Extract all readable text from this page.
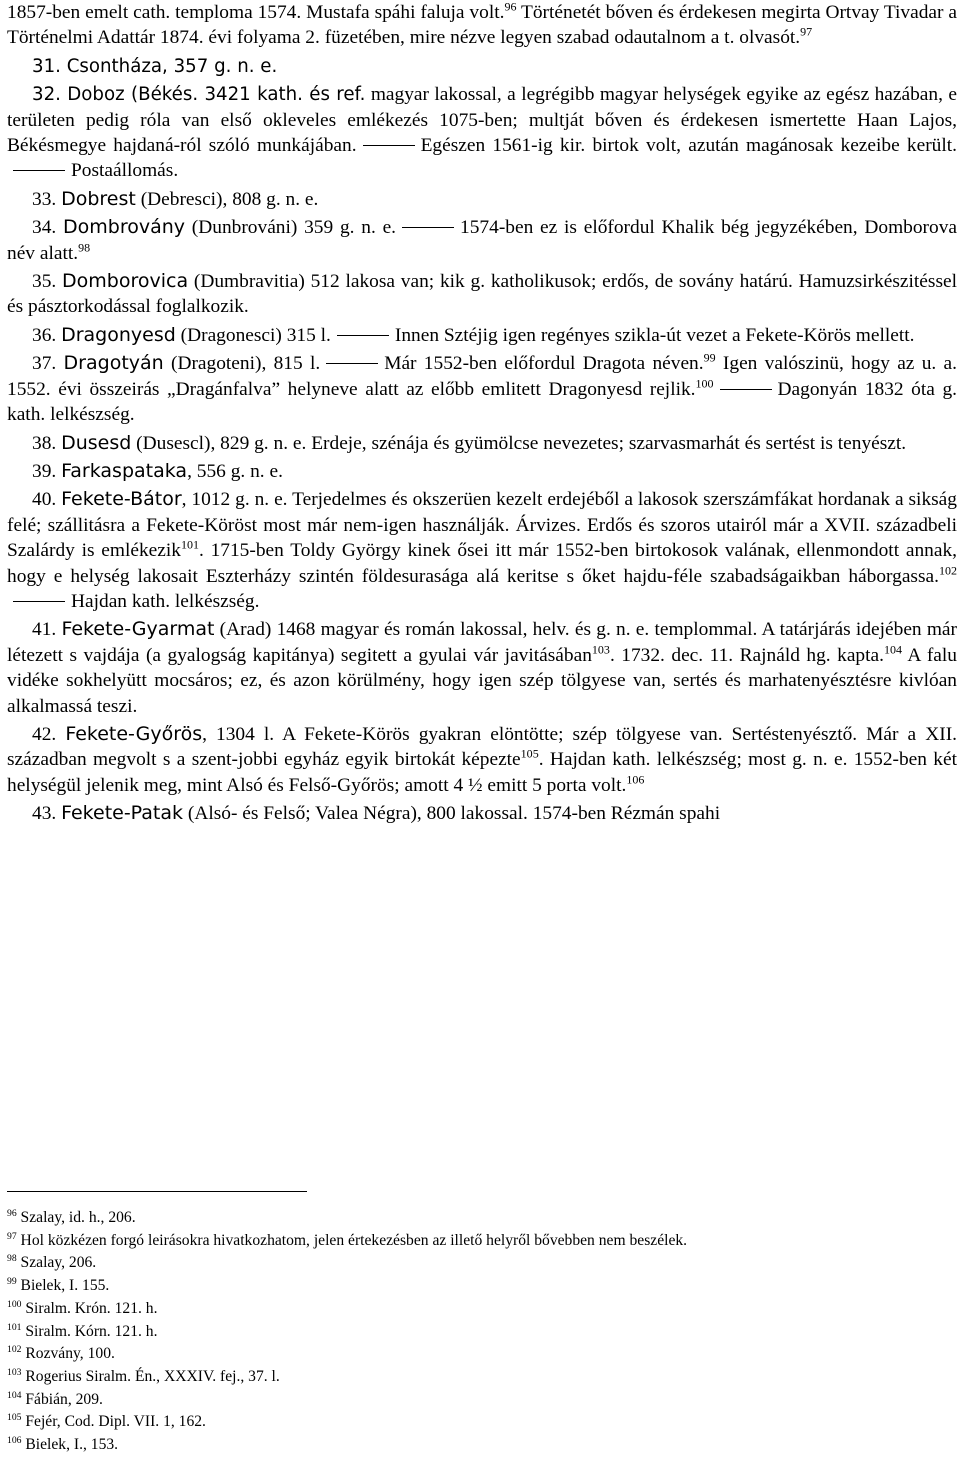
1857-ben emelt cath. temploma 1574. Mustafa spáhi faluja volt.$^{96}$ Történetét bőven és érdekesen megirta Ortvay Tivadar a Történelmi Adattár 1874. évi folyama 2. füzetében, mire nézve legyen szabad odautalnom a t. olvasót.$^{97}$

31. Csontháza, 357 g. n. e.

32. Doboz (Békés. 3421 kath. és ref. magyar lakossal, a legrégibb magyar helységek egyike az egész hazában, e területen pedig róla van első okleveles emlékezés 1075-ben; multját bőven és érdekesen ismertette Haan Lajos, Békésmegye hajdaná-ról szóló munkájában.	Egészen 1561-ig kir. birtok volt, azután magánosak kezeibe került.Postaállomás.

33. Dobrest (Debresci), 808 g. n. e.

34. Dombrovány (Dunbrováni) 359 g. n. e.	1574-ben ez is előfordul Khalik bég jegyzékében, Domborova név alatt.$^{98}$

35. Domborovica (Dumbravitia) 512 lakosa van; kik g. katholikusok; erdős, de sovány határú. Hamuzsirkészitéssel és pásztorkodással foglalkozik.

36. Dragonyesd (Dragonesci) 315 l.	Innen Sztéjig igen regényes szikla-út vezet a Fekete-Körös mellett.

37. Dragotyán (Dragoteni), 815 l.	Már 1552-ben előfordul Dragota néven.$^{99}$ Igen valószinü, hogy az u. a. 1552. évi összeirás „Dragánfalva” helyneve alatt az előbb emlitett Dragonyesd rejlik.$^{100}$	Dagonyán 1832 óta g. kath. lelkészség.

38. Dusesd (Dusescl), 829 g. n. e. Erdeje, szénája és gyümölcse nevezetes; szarvasmarhát és sertést is tenyészt.

39. Farkaspataka, 556 g. n. e.

40. Fekete-Bátor, 1012 g. n. e. Terjedelmes és okszerüen kezelt erdejéből a lakosok szerszámfákat hordanak a sikság felé; szállitásra a Fekete-Köröst most már nem-igen használják. Árvizes. Erdős és szoros utairól már a XVII. századbeli Szalárdy is emlékezik$^{101}$. 1715-ben Toldy György kinek ősei itt már 1552-ben birtokosok valának, ellenmondott annak, hogy e helység lakosait Eszterházy szintén földesurasága alá keritse s őket hajdu-féle szabadságaikban háborgassa.$^{102}$Hajdan kath. lelkészség.

41. Fekete-Gyarmat (Arad) 1468 magyar és román lakossal, helv. és g. n. e. templommal. A tatárjárás idejében már létezett s vajdája (a gyalogság kapitánya) segitett a gyulai vár javitásában$^{103}$. 1732. dec. 11. Rajnáld hg. kapta.$^{104}$ A falu vidéke sokhelyütt mocsáros; ez, és azon körülmény, hogy igen szép tölgyese van, sertés és marhatenyésztésre kivlóan alkalmassá teszi.

42. Fekete-Győrös, 1304 l. A Fekete-Körös gyakran elöntötte; szép tölgyese van. Sertéstenyésztő. Már a XII. században megvolt s a szent-jobbi egyház egyik birtokát képezte$^{105}$. Hajdan kath. lelkészség; most g. n. e. 1552-ben két helységül jelenik meg, mint Alsó és Felső-Győrös; amott 4 ½ emitt 5 porta volt.$^{106}$

43. Fekete-Patak (Alsó- és Felső; Valea Négra), 800 lakossal. 1574-ben Rézmán spahi

$^{96}$ Szalay, id. h., 206.
$^{97}$ Hol közkézen forgó leirásokra hivatkozhatom, jelen értekezésben az illető helyről bővebben nem beszélek.
$^{98}$ Szalay, 206.
$^{99}$ Bielek, I. 155.
$^{100}$ Siralm. Krón. 121. h.
$^{101}$ Siralm. Kórn. 121. h.
$^{102}$ Rozvány, 100.
$^{103}$ Rogerius Siralm. Én., XXXIV. fej., 37. l.
$^{104}$ Fábián, 209.
$^{105}$ Fejér, Cod. Dipl. VII. 1, 162.
$^{106}$ Bielek, I., 153.
